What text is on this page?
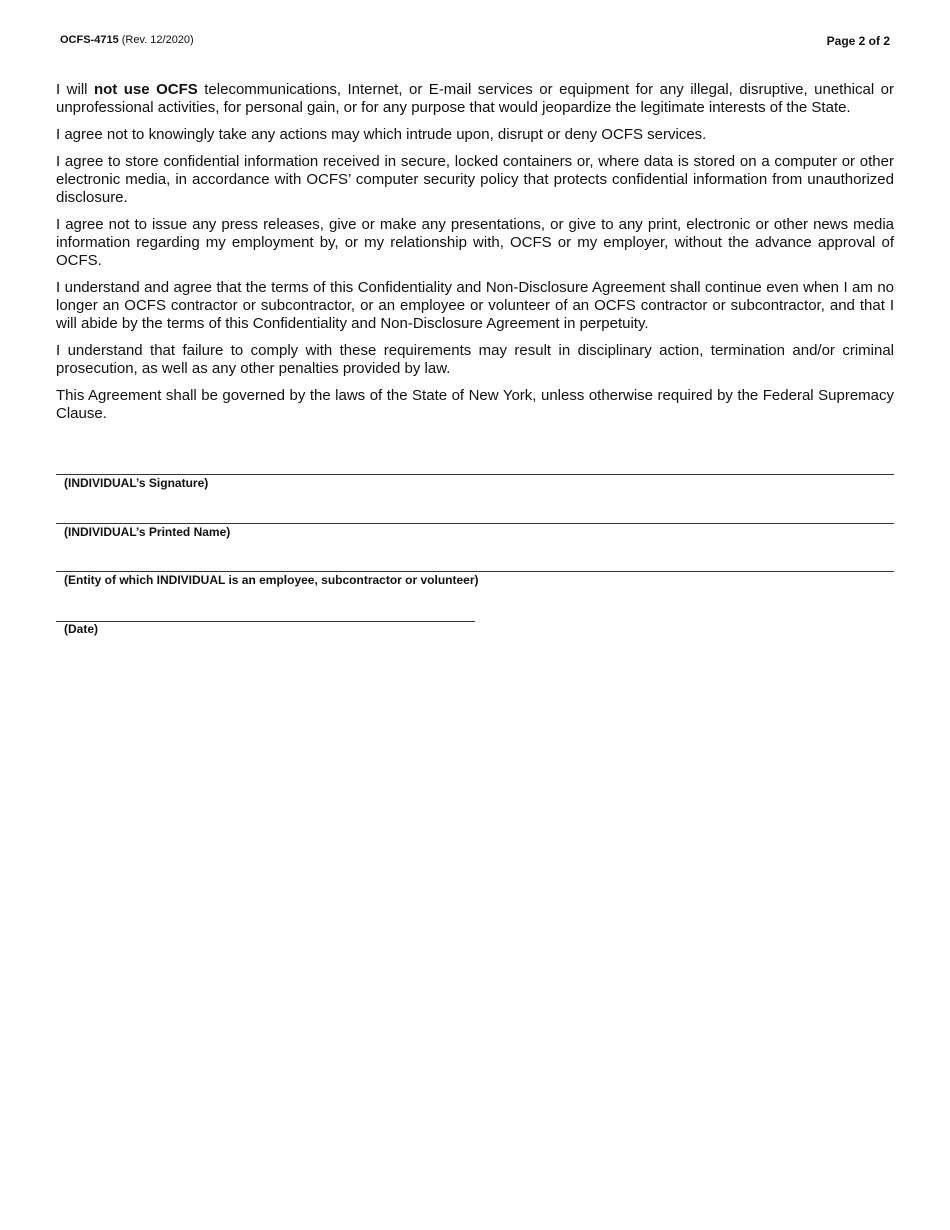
OCFS-4715 (Rev. 12/2020)	Page 2 of 2

I will not use OCFS telecommunications, Internet, or E-mail services or equipment for any illegal, disruptive, unethical or unprofessional activities, for personal gain, or for any purpose that would jeopardize the legitimate interests of the State.

I agree not to knowingly take any actions may which intrude upon, disrupt or deny OCFS services.

I agree to store confidential information received in secure, locked containers or, where data is stored on a computer or other electronic media, in accordance with OCFS’ computer security policy that protects confidential information from unauthorized disclosure.

I agree not to issue any press releases, give or make any presentations, or give to any print, electronic or other news media information regarding my employment by, or my relationship with, OCFS or my employer, without the advance approval of OCFS.

I understand and agree that the terms of this Confidentiality and Non-Disclosure Agreement shall continue even when I am no longer an OCFS contractor or subcontractor, or an employee or volunteer of an OCFS contractor or subcontractor, and that I will abide by the terms of this Confidentiality and Non-Disclosure Agreement in perpetuity.

I understand that failure to comply with these requirements may result in disciplinary action, termination and/or criminal prosecution, as well as any other penalties provided by law.

This Agreement shall be governed by the laws of the State of New York, unless otherwise required by the Federal Supremacy Clause.

(INDIVIDUAL’s Signature)
(INDIVIDUAL’s Printed Name)
(Entity of which INDIVIDUAL is an employee, subcontractor or volunteer)
(Date)
